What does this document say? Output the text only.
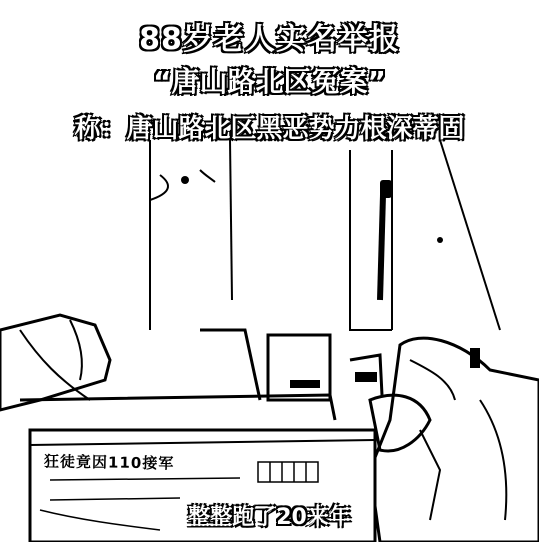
88岁老人实名举报
“唐山路北区冤案”
称：唐山路北区黑恶势力根深蒂固
狂徒竟因110接军
整整跑了20来年
